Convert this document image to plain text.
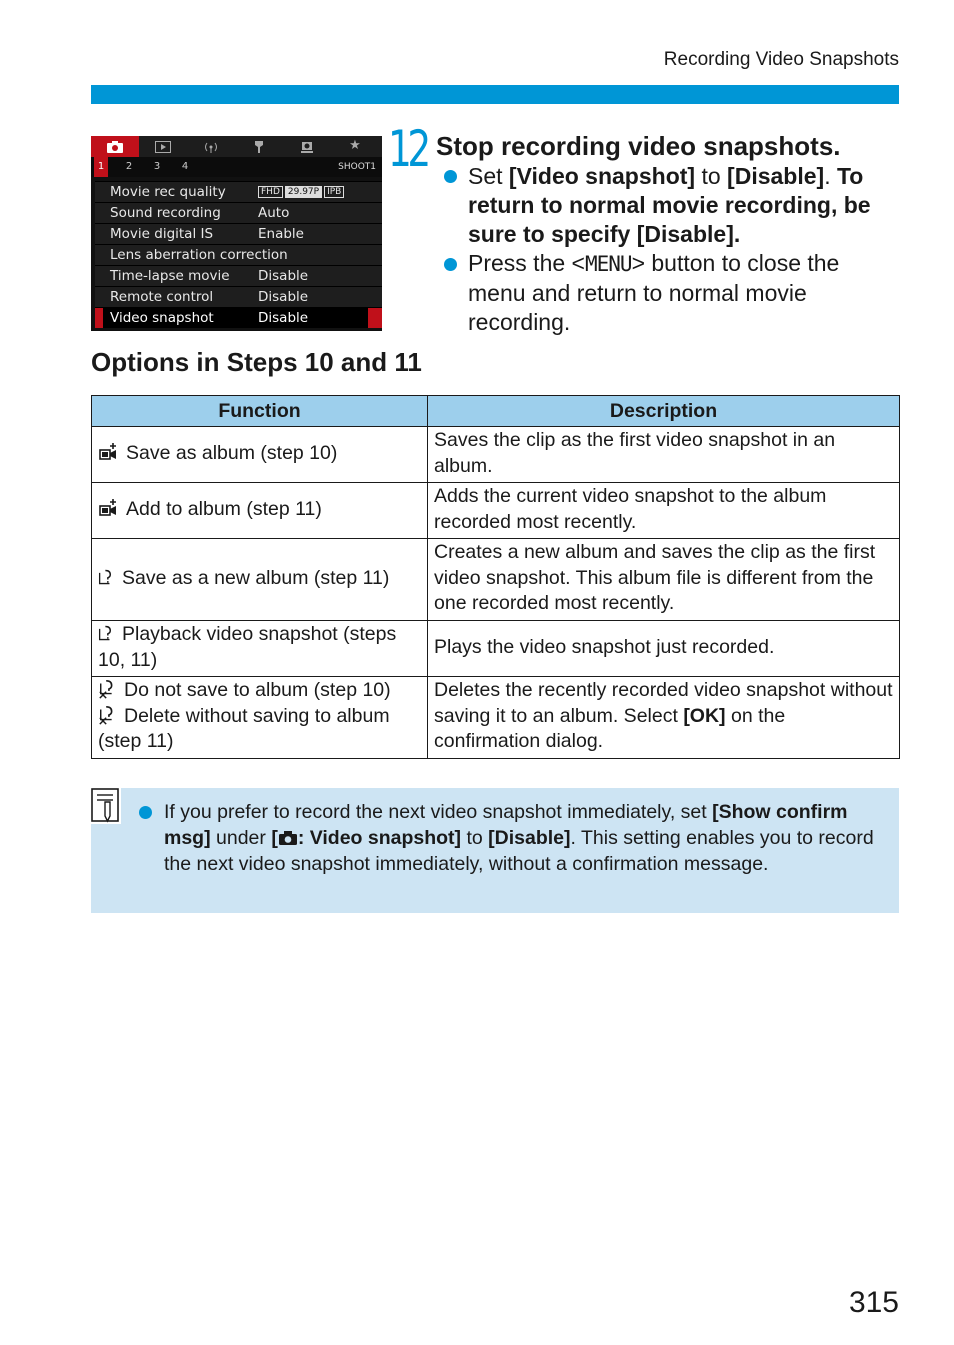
Recording Video Snapshots
★
1	2	3	4	SHOOT1
Movie rec quality	FHD 29.97P IPB
Sound recording	Auto
Movie digital IS	Enable
Lens aberration correction
Time-lapse movie Disable
Remote control	Disable
Video snapshot	Disable
12 Stop recording video snapshots.
Set [Video snapshot] to [Disable]. To return to normal movie recording, be sure to specify [Disable].
Press the <MENU> button to close the menu and return to normal movie recording.
Options in Steps 10 and 11
Function	Description
Save as album (step 10)	Saves the clip as the first video snapshot in an album.
Add to album (step 11)	Adds the current video snapshot to the album recorded most recently.
Save as a new album (step 11)	Creates a new album and saves the clip as the first video snapshot. This album file is different from the one recorded most recently.
Playback video snapshot (steps 10, 11)	Plays the video snapshot just recorded.

Do not save to album (step 10)
Delete without saving to album (step 11)	Deletes the recently recorded video snapshot without saving it to an album. Select [OK] on the confirmation dialog.
If you prefer to record the next video snapshot immediately, set [Show confirm msg] under [ : Video snapshot] to [Disable]. This setting enables you to record the next video snapshot immediately, without a confirmation message.
315
